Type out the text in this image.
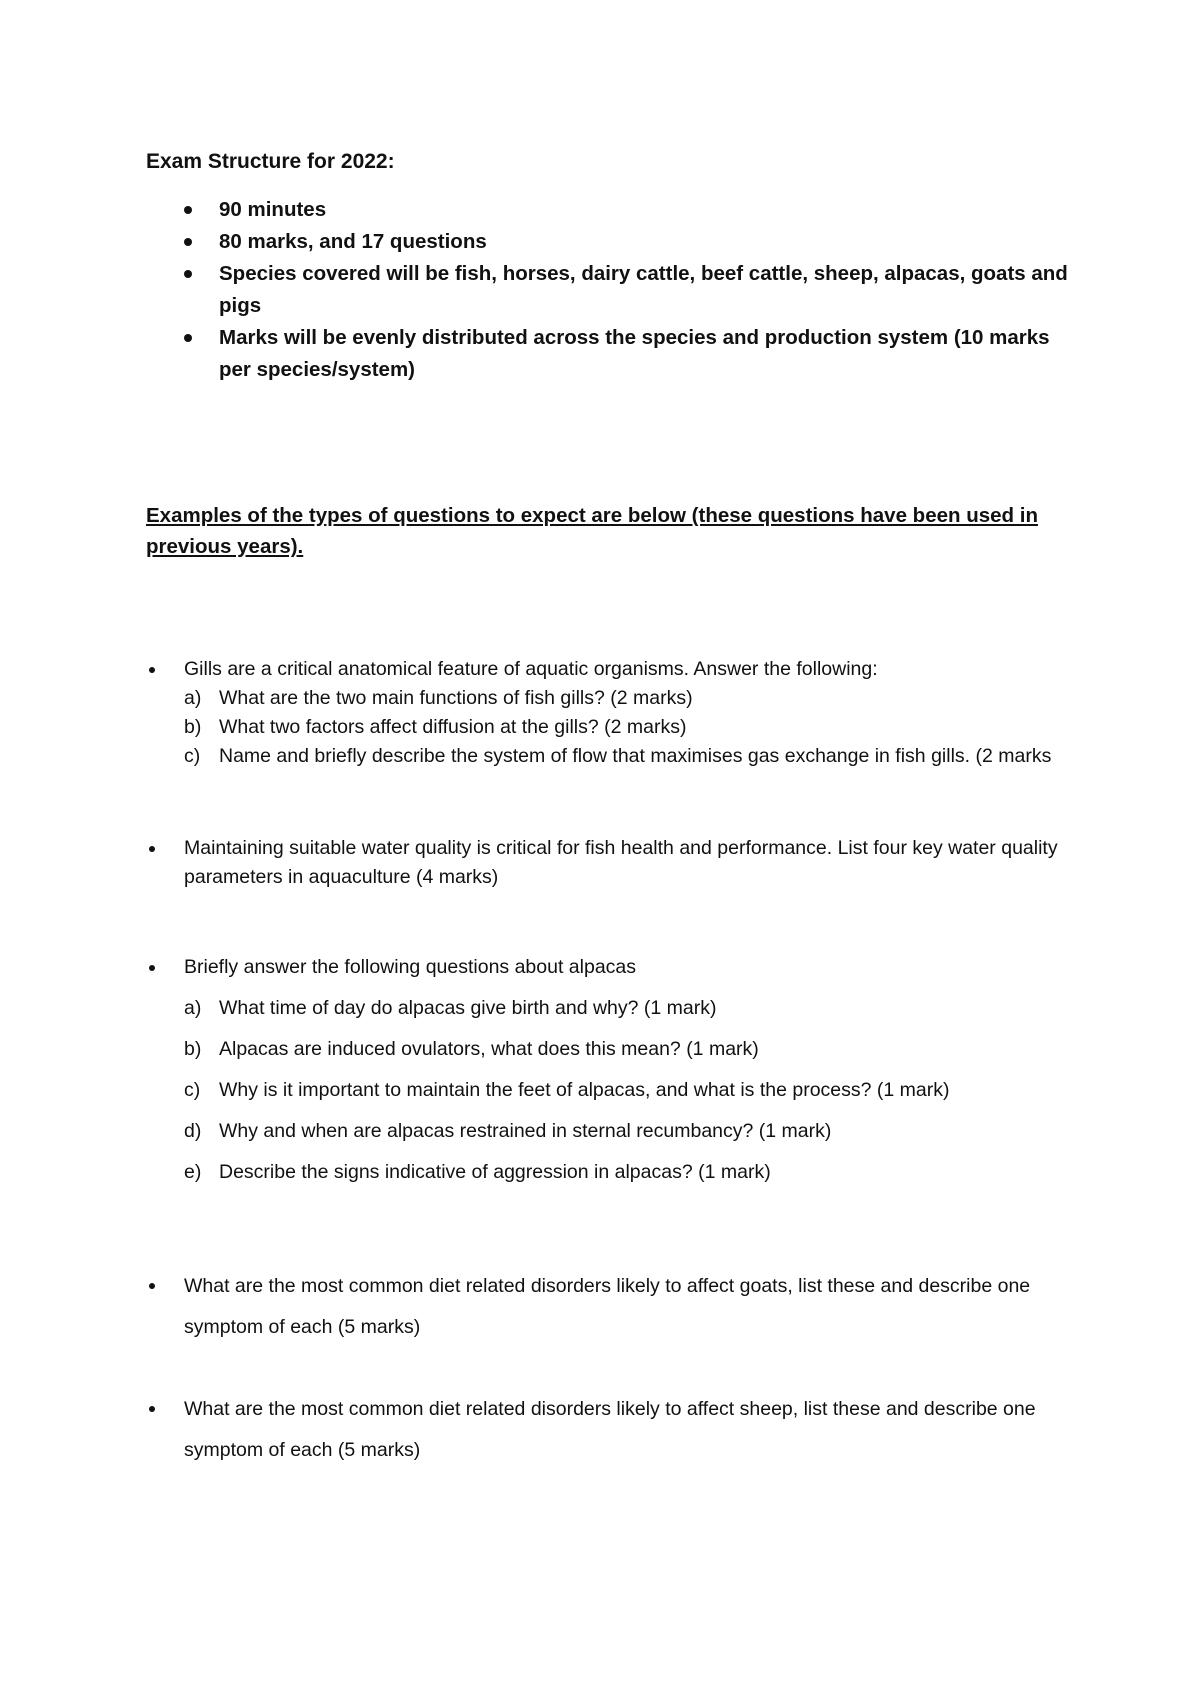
Exam Structure for 2022:
90 minutes
80 marks, and 17 questions
Species covered will be fish, horses, dairy cattle, beef cattle, sheep, alpacas, goats and pigs
Marks will be evenly distributed across the species and production system (10 marks per species/system)
Examples of the types of questions to expect are below (these questions have been used in previous years).
Gills are a critical anatomical feature of aquatic organisms. Answer the following:
a) What are the two main functions of fish gills? (2 marks)
b) What two factors affect diffusion at the gills? (2 marks)
c) Name and briefly describe the system of flow that maximises gas exchange in fish gills. (2 marks
Maintaining suitable water quality is critical for fish health and performance. List four key water quality parameters in aquaculture (4 marks)
Briefly answer the following questions about alpacas
a) What time of day do alpacas give birth and why? (1 mark)
b) Alpacas are induced ovulators, what does this mean? (1 mark)
c) Why is it important to maintain the feet of alpacas, and what is the process? (1 mark)
d) Why and when are alpacas restrained in sternal recumbancy? (1 mark)
e) Describe the signs indicative of aggression in alpacas? (1 mark)
What are the most common diet related disorders likely to affect goats, list these and describe one symptom of each (5 marks)
What are the most common diet related disorders likely to affect sheep, list these and describe one symptom of each (5 marks)
